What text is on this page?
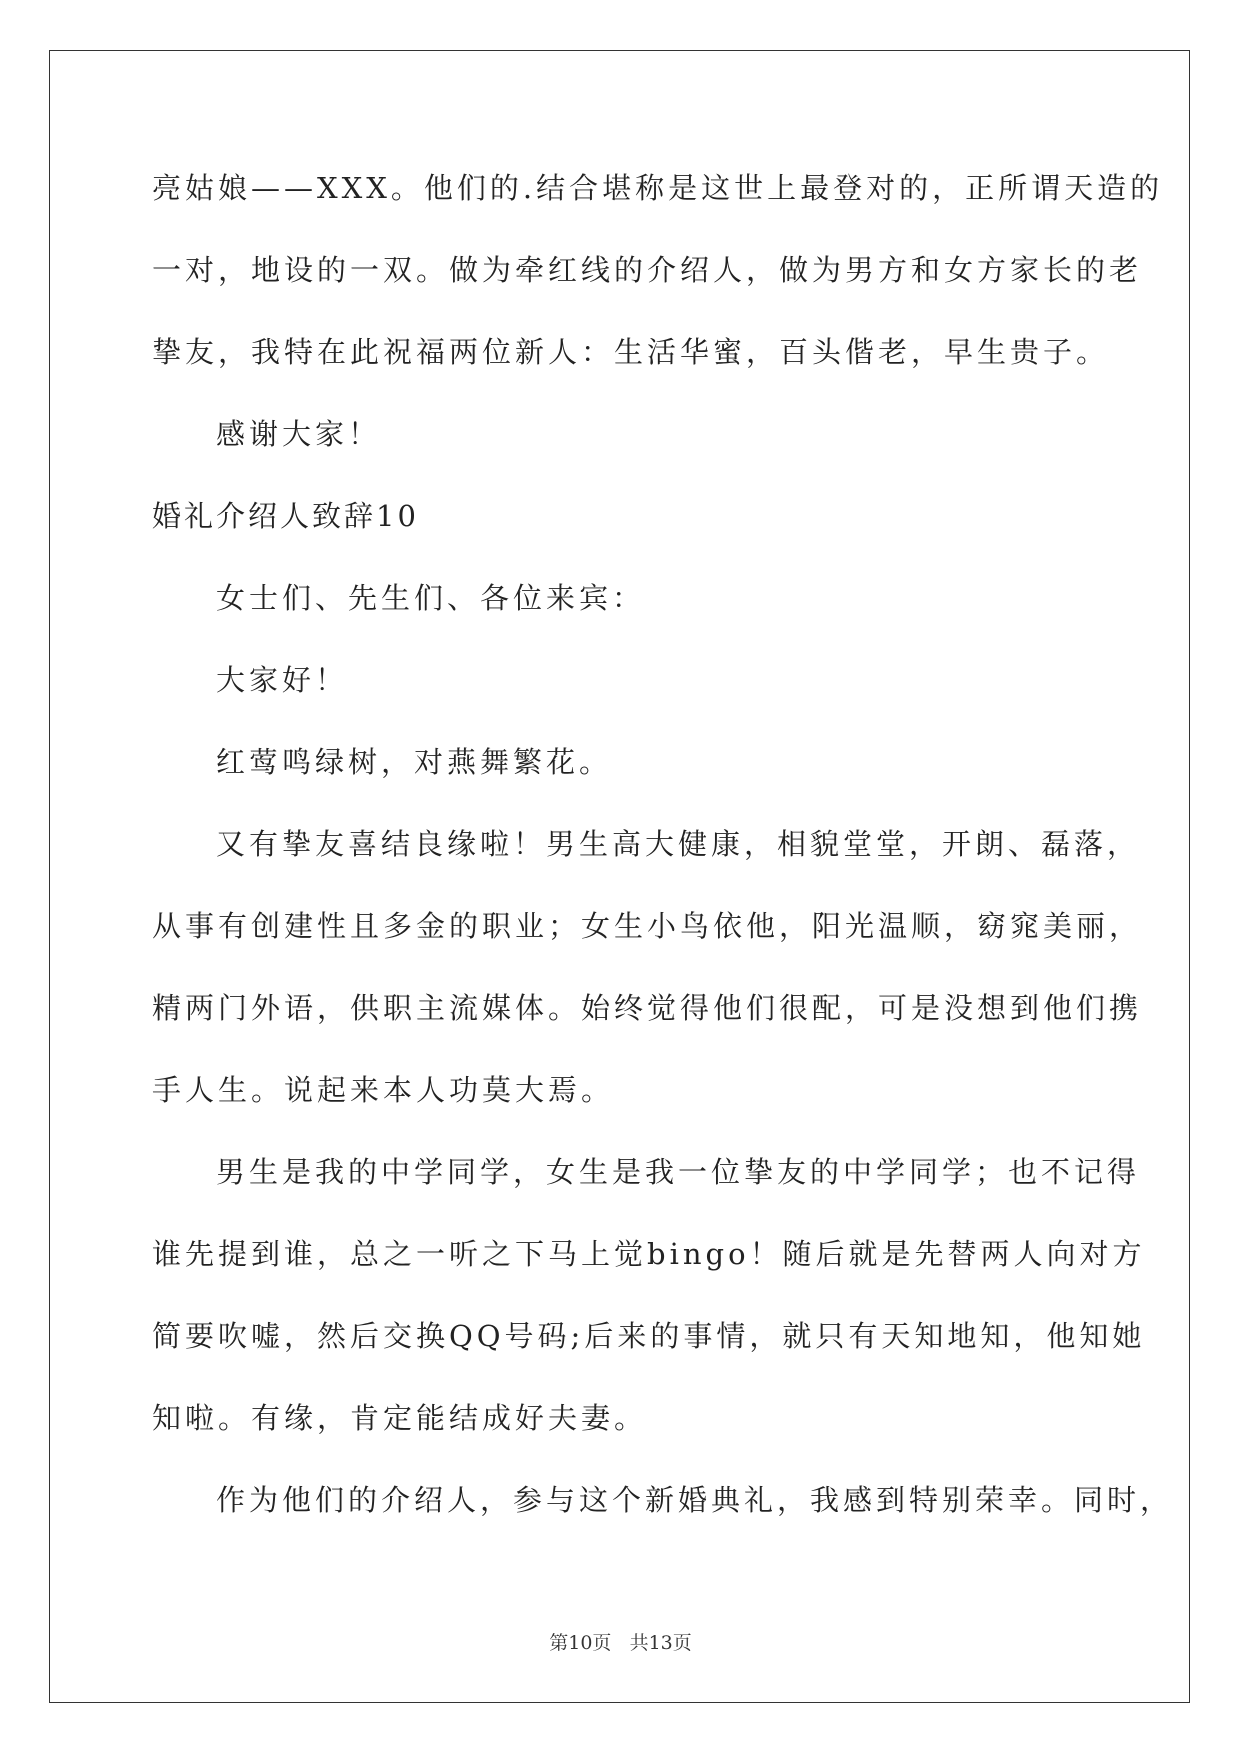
亮姑娘——XXX。他们的.结合堪称是这世上最登对的，正所谓天造的
一对，地设的一双。做为牵红线的介绍人，做为男方和女方家长的老
挚友，我特在此祝福两位新人：生活华蜜，百头偕老，早生贵子。
感谢大家！
婚礼介绍人致辞10
女士们、先生们、各位来宾：
大家好！
红莺鸣绿树，对燕舞繁花。
又有挚友喜结良缘啦！男生高大健康，相貌堂堂，开朗、磊落，
从事有创建性且多金的职业；女生小鸟依他，阳光温顺，窈窕美丽，
精两门外语，供职主流媒体。始终觉得他们很配，可是没想到他们携
手人生。说起来本人功莫大焉。
男生是我的中学同学，女生是我一位挚友的中学同学；也不记得
谁先提到谁，总之一听之下马上觉bingo！随后就是先替两人向对方
简要吹嘘，然后交换QQ号码;后来的事情，就只有天知地知，他知她
知啦。有缘，肯定能结成好夫妻。
作为他们的介绍人，参与这个新婚典礼，我感到特别荣幸。同时，
第10页 共13页
